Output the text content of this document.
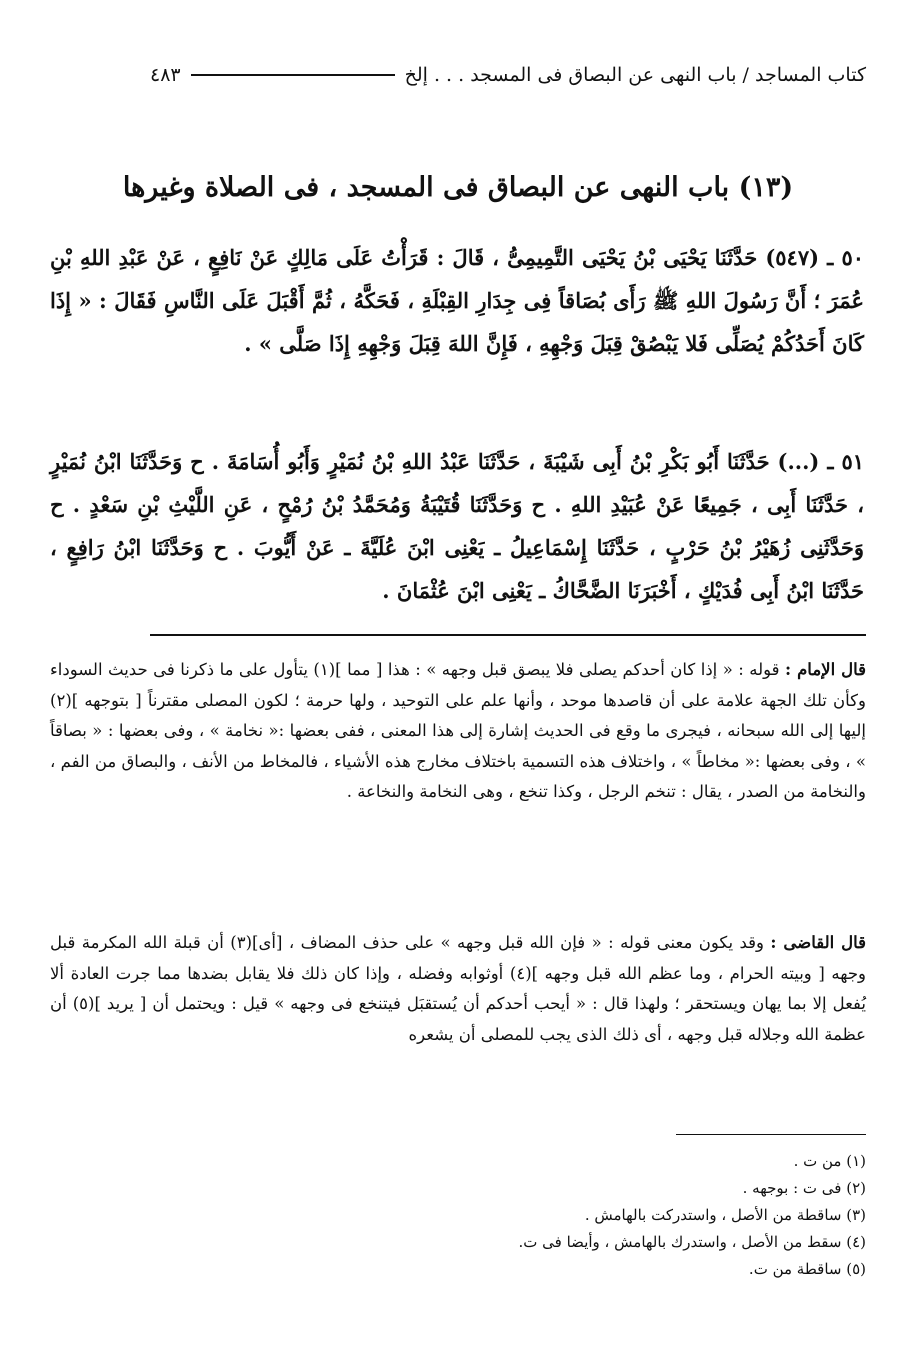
كتاب المساجد / باب النهى عن البصاق فى المسجد . . . إلخ
٤٨٣
(١٣) باب النهى عن البصاق فى المسجد ، فى الصلاة وغيرها
٥٠ ـ (٥٤٧) حَدَّثَنَا يَحْيَى بْنُ يَحْيَى التَّمِيمِىُّ ، قَالَ : قَرَأْتُ عَلَى مَالِكٍ عَنْ نَافِعٍ ، عَنْ عَبْدِ اللهِ بْنِ عُمَرَ ؛ أَنَّ رَسُولَ اللهِ ﷺ رَأَى بُصَاقاً فِى جِدَارِ القِبْلَةِ ، فَحَكَّهُ ، ثُمَّ أَقْبَلَ عَلَى النَّاسِ فَقَالَ : « إِذَا كَانَ أَحَدُكُمْ يُصَلِّى فَلا يَبْصُقْ قِبَلَ وَجْهِهِ ، فَإِنَّ اللهَ قِبَلَ وَجْهِهِ إِذَا صَلَّى » .
٥١ ـ (...) حَدَّثَنَا أَبُو بَكْرِ بْنُ أَبِى شَيْبَةَ ، حَدَّثَنَا عَبْدُ اللهِ بْنُ نُمَيْرٍ وَأَبُو أُسَامَةَ . ح وَحَدَّثَنَا ابْنُ نُمَيْرٍ ، حَدَّثَنَا أَبِى ، جَمِيعًا عَنْ عُبَيْدِ اللهِ . ح وَحَدَّثَنَا قُتَيْبَةُ وَمُحَمَّدُ بْنُ رُمْحٍ ، عَنِ اللَّيْثِ بْنِ سَعْدٍ . ح وَحَدَّثَنِى زُهَيْرُ بْنُ حَرْبٍ ، حَدَّثَنَا إِسْمَاعِيلُ ـ يَعْنِى ابْنَ عُلَيَّةَ ـ عَنْ أَيُّوبَ . ح وَحَدَّثَنَا ابْنُ رَافِعٍ ، حَدَّثَنَا ابْنُ أَبِى فُدَيْكٍ ، أَخْبَرَنَا الضَّحَّاكُ ـ يَعْنِى ابْنَ عُثْمَانَ .
قال الإمام : قوله : « إذا كان أحدكم يصلى فلا يبصق قبل وجهه » : هذا [ مما ](١) يتأول على ما ذكرنا فى حديث السوداء وكأن تلك الجهة علامة على أن قاصدها موحد ، وأنها علم على التوحيد ، ولها حرمة ؛ لكون المصلى مقترناً [ بتوجهه ](٢) إليها إلى الله سبحانه ، فيجرى ما وقع فى الحديث إشارة إلى هذا المعنى ، ففى بعضها :« نخامة » ، وفى بعضها : « بصاقاً » ، وفى بعضها :« مخاطاً » ، واختلاف هذه التسمية باختلاف مخارج هذه الأشياء ، فالمخاط من الأنف ، والبصاق من الفم ، والنخامة من الصدر ، يقال : تنخم الرجل ، وكذا تنخع ، وهى النخامة والنخاعة .
قال القاضى : وقد يكون معنى قوله : « فإن الله قبل وجهه » على حذف المضاف ، [أى](٣) أن قبلة الله المكرمة قبل وجهه [ وبيته الحرام ، وما عظم الله قبل وجهه ](٤) أوثوابه وفضله ، وإذا كان ذلك فلا يقابل بضدها مما جرت العادة ألا يُفعل إلا بما يهان ويستحقر ؛ ولهذا قال : « أيحب أحدكم أن يُستقبَل فيتنخع فى وجهه » قيل : ويحتمل أن [ يريد ](٥) أن عظمة الله وجلاله قبل وجهه ، أى ذلك الذى يجب للمصلى أن يشعره
(١) من ت .
(٢) فى ت : بوجهه .
(٣) ساقطة من الأصل ، واستدركت بالهامش .
(٤) سقط من الأصل ، واستدرك بالهامش ، وأيضا فى ت.
(٥) ساقطة من ت.
